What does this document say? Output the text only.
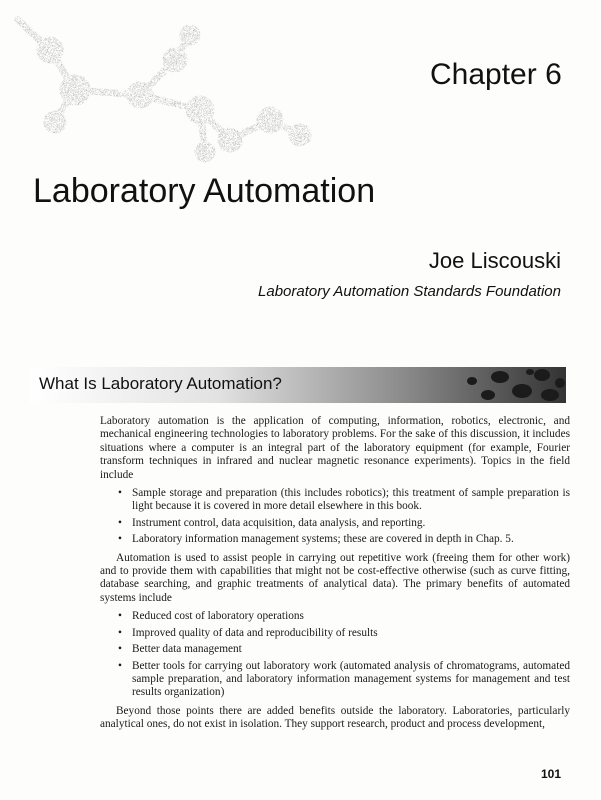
Chapter 6
Laboratory Automation
Joe Liscouski
Laboratory Automation Standards Foundation
What Is Laboratory Automation?

Laboratory automation is the application of computing, information, robotics, electronic, and mechanical engineering technologies to laboratory problems. For the sake of this discussion, it includes situations where a computer is an integral part of the laboratory equipment (for example, Fourier transform techniques in infrared and nuclear magnetic resonance experiments). Topics in the field include

• Sample storage and preparation (this includes robotics); this treatment of sample preparation is light because it is covered in more detail elsewhere in this book.
• Instrument control, data acquisition, data analysis, and reporting.
• Laboratory information management systems; these are covered in depth in Chap. 5.

Automation is used to assist people in carrying out repetitive work (freeing them for other work) and to provide them with capabilities that might not be cost-effective otherwise (such as curve fitting, database searching, and graphic treatments of analytical data). The primary benefits of automated systems include

• Reduced cost of laboratory operations
• Improved quality of data and reproducibility of results
• Better data management
• Better tools for carrying out laboratory work (automated analysis of chromatograms, automated sample preparation, and laboratory information management systems for management and test results organization)

Beyond those points there are added benefits outside the laboratory. Laboratories, particularly analytical ones, do not exist in isolation. They support research, product and process development,

101
